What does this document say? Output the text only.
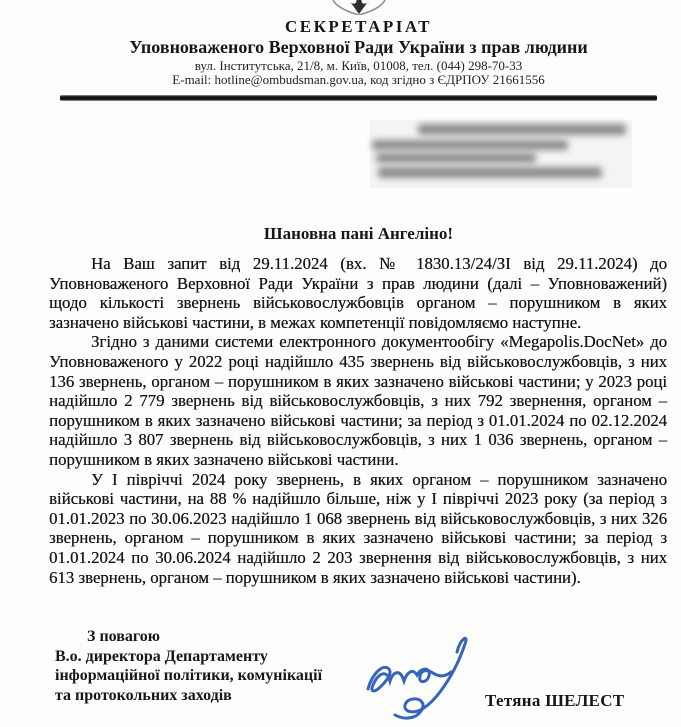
СЕКРЕТАРІАТ
Уповноваженого Верховної Ради України з прав людини
вул. Інститутська, 21/8, м. Київ, 01008, тел. (044) 298-70-33
E-mail: hotline@ombudsman.gov.ua, код згідно з ЄДРПОУ 21661556
Шановна пані Ангеліно!

На Ваш запит від 29.11.2024 (вх. № 1830.13/24/ЗІ від 29.11.2024) до Уповноваженого Верховної Ради України з прав людини (далі – Уповноважений) щодо кількості звернень військовослужбовців органом – порушником в яких зазначено військові частини, в межах компетенції повідомляємо наступне.

Згідно з даними системи електронного документообігу «Megapolis.DocNet» до Уповноваженого у 2022 році надійшло 435 звернень від військовослужбовців, з них 136 звернень, органом – порушником в яких зазначено військові частини; у 2023 році надійшло 2 779 звернень від військовослужбовців, з них 792 звернення, органом – порушником в яких зазначено військові частини; за період з 01.01.2024 по 02.12.2024 надійшло 3 807 звернень від військовослужбовців, з них 1 036 звернень, органом – порушником в яких зазначено військові частини.

У І півріччі 2024 року звернень, в яких органом – порушником зазначено військові частини, на 88 % надійшло більше, ніж у І півріччі 2023 року (за період з 01.01.2023 по 30.06.2023 надійшло 1 068 звернень від військовослужбовців, з них 326 звернень, органом – порушником в яких зазначено військові частини; за період з 01.01.2024 по 30.06.2024 надійшло 2 203 звернення від військовослужбовців, з них 613 звернень, органом – порушником в яких зазначено військові частини).

З повагою
В.о. директора Департаменту
інформаційної політики, комунікації
та протокольних заходів	Тетяна ШЕЛЕСТ
